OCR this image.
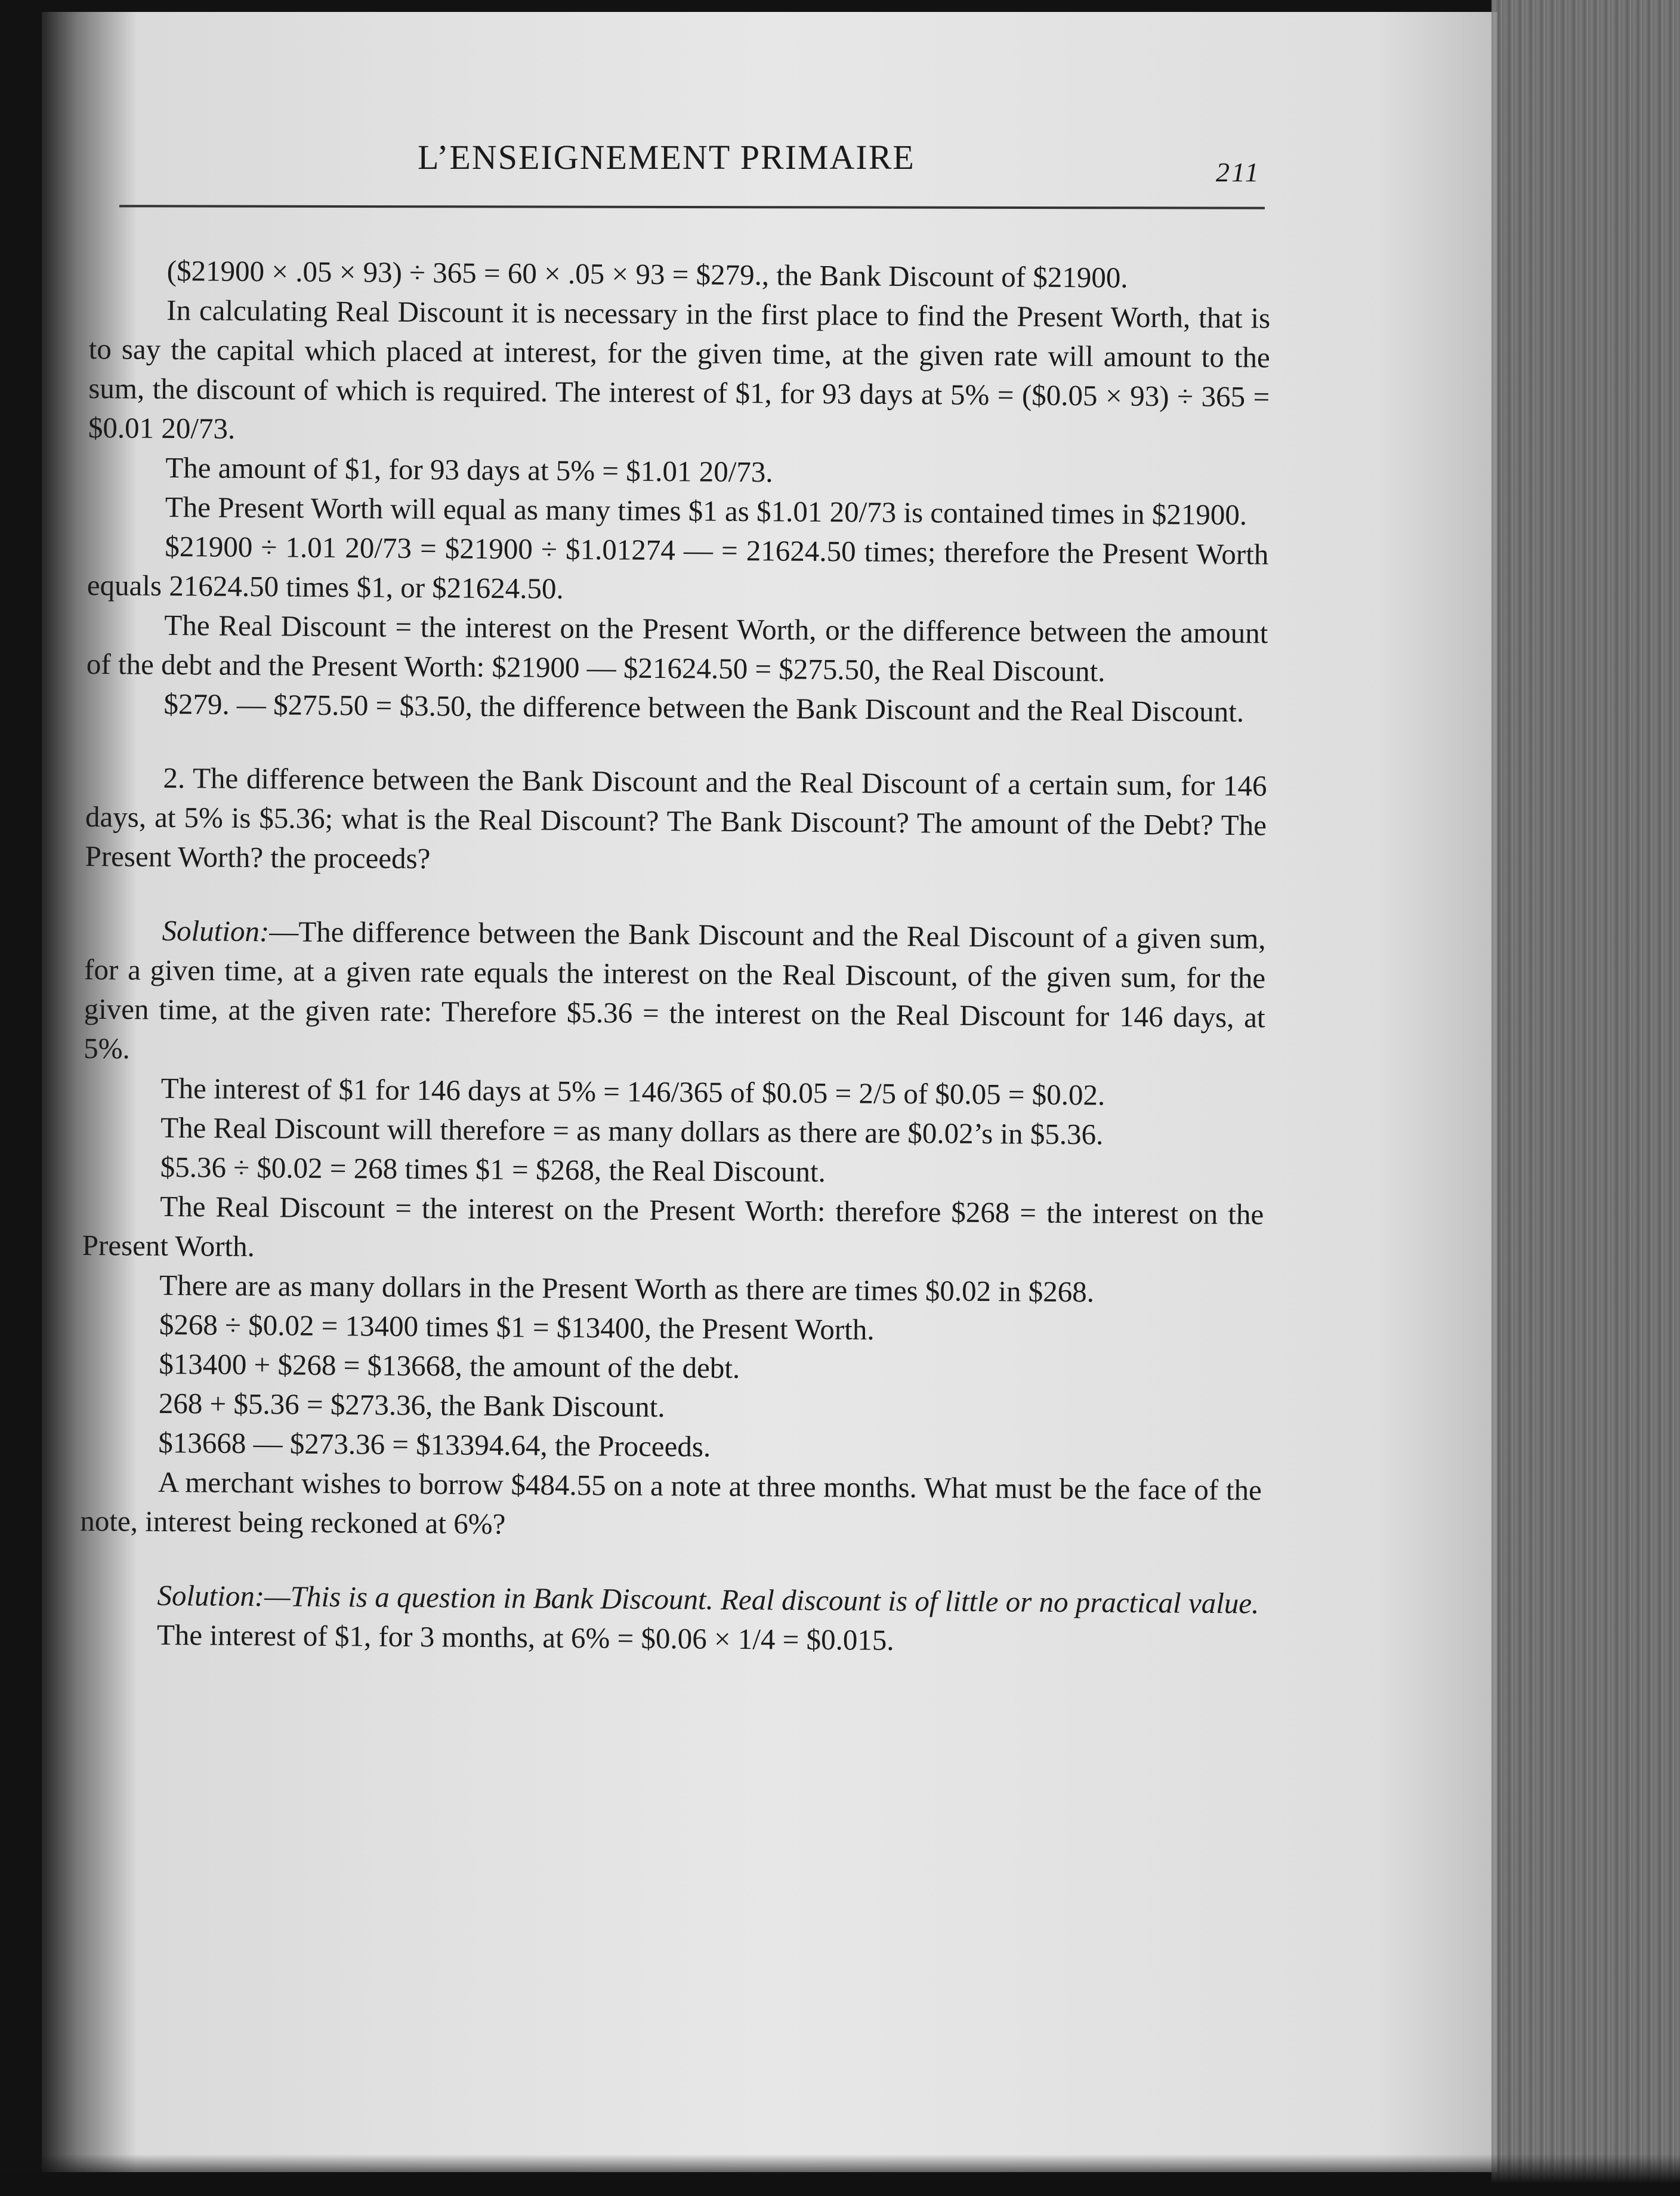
L’ENSEIGNEMENT PRIMAIRE	211

($21900 × .05 × 93) ÷ 365 = 60 × .05 × 93 = $279., the Bank Discount of $21900.

In calculating Real Discount it is necessary in the first place to find the Present Worth, that is to say the capital which placed at interest, for the given time, at the given rate will amount to the sum, the discount of which is required. The interest of $1, for 93 days at 5% = ($0.05 × 93) ÷ 365 = $0.01 20/73.

The amount of $1, for 93 days at 5% = $1.01 20/73.

The Present Worth will equal as many times $1 as $1.01 20/73 is contained times in $21900.

$21900 ÷ 1.01 20/73 = $21900 ÷ $1.01274 — = 21624.50 times; therefore the Present Worth equals 21624.50 times $1, or $21624.50.

The Real Discount = the interest on the Present Worth, or the difference between the amount of the debt and the Present Worth: $21900 — $21624.50 = $275.50, the Real Discount.

$279. — $275.50 = $3.50, the difference between the Bank Discount and the Real Discount.

2. The difference between the Bank Discount and the Real Discount of a certain sum, for 146 days, at 5% is $5.36; what is the Real Discount? The Bank Discount? The amount of the Debt? The Present Worth? the proceeds?

Solution:—The difference between the Bank Discount and the Real Discount of a given sum, for a given time, at a given rate equals the interest on the Real Discount, of the given sum, for the given time, at the given rate: Therefore $5.36 = the interest on the Real Discount for 146 days, at 5%.

The interest of $1 for 146 days at 5% = 146/365 of $0.05 = 2/5 of $0.05 = $0.02.

The Real Discount will therefore = as many dollars as there are $0.02’s in $5.36.

$5.36 ÷ $0.02 = 268 times $1 = $268, the Real Discount.

The Real Discount = the interest on the Present Worth: therefore $268 = the interest on the Present Worth.

There are as many dollars in the Present Worth as there are times $0.02 in $268.

$268 ÷ $0.02 = 13400 times $1 = $13400, the Present Worth.

$13400 + $268 = $13668, the amount of the debt.

268 + $5.36 = $273.36, the Bank Discount.

$13668 — $273.36 = $13394.64, the Proceeds.

A merchant wishes to borrow $484.55 on a note at three months. What must be the face of the note, interest being reckoned at 6%?

Solution:—This is a question in Bank Discount. Real discount is of little or no practical value.

The interest of $1, for 3 months, at 6% = $0.06 × 1/4 = $0.015.
